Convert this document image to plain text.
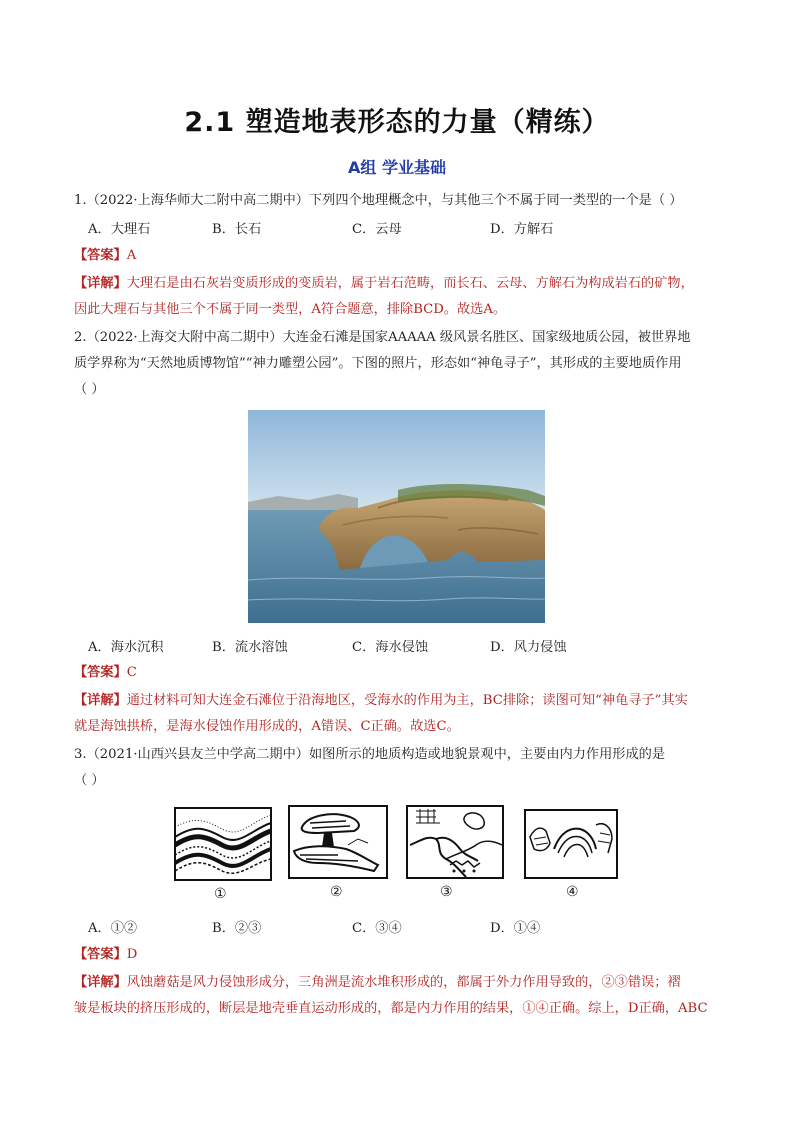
2.1 塑造地表形态的力量（精练）
A组 学业基础
1.（2022·上海华师大二附中高二期中）下列四个地理概念中，与其他三个不属于同一类型的一个是（ ）
A．大理石	B．长石	C．云母	D．方解石
【答案】A
【详解】大理石是由石灰岩变质形成的变质岩，属于岩石范畴，而长石、云母、方解石为构成岩石的矿物，
因此大理石与其他三个不属于同一类型，A符合题意，排除BCD。故选A。
2.（2022·上海交大附中高二期中）大连金石滩是国家AAAAA 级风景名胜区、国家级地质公园，被世界地
质学界称为“天然地质博物馆”“神力雕塑公园”。下图的照片，形态如“神龟寻子”，其形成的主要地质作用
（ ）
A．海水沉积	B．流水溶蚀	C．海水侵蚀	D．风力侵蚀
【答案】C
【详解】通过材料可知大连金石滩位于沿海地区，受海水的作用为主，BC排除；读图可知“神龟寻子”其实
就是海蚀拱桥，是海水侵蚀作用形成的，A错误、C正确。故选C。
3.（2021·山西兴县友兰中学高二期中）如图所示的地质构造或地貌景观中，主要由内力作用形成的是
（ ）
①	②	③	④
A．①②	B．②③	C．③④	D．①④
【答案】D
【详解】风蚀蘑菇是风力侵蚀形成分，三角洲是流水堆积形成的，都属于外力作用导致的，②③错误；褶
皱是板块的挤压形成的，断层是地壳垂直运动形成的，都是内力作用的结果，①④正确。综上，D正确，ABC
